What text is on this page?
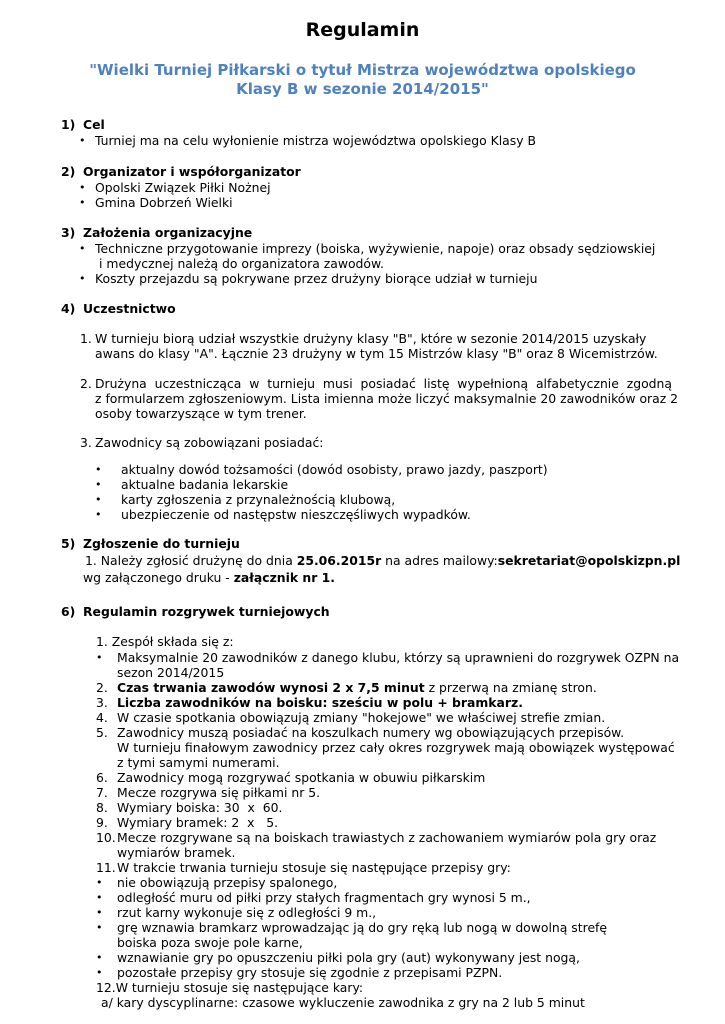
Regulamin
"Wielki Turniej Piłkarski o tytuł Mistrza województwa opolskiego
Klasy B w sezonie 2014/2015"
1) Cel
• Turniej ma na celu wyłonienie mistrza województwa opolskiego Klasy B
2) Organizator i współorganizator
• Opolski Związek Piłki Nożnej
• Gmina Dobrzeń Wielki
3) Założenia organizacyjne
• Techniczne przygotowanie imprezy (boiska, wyżywienie, napoje) oraz obsady sędziowskiej
i medycznej należą do organizatora zawodów.
• Koszty przejazdu są pokrywane przez drużyny biorące udział w turnieju
4) Uczestnictwo
1. W turnieju biorą udział wszystkie drużyny klasy "B", które w sezonie 2014/2015 uzyskały
awans do klasy "A". Łącznie 23 drużyny w tym 15 Mistrzów klasy "B" oraz 8 Wicemistrzów.
2. Drużyna uczestnicząca w turnieju musi posiadać listę wypełnioną alfabetycznie zgodną
z formularzem zgłoszeniowym. Lista imienna może liczyć maksymalnie 20 zawodników oraz 2
osoby towarzyszące w tym trener.
3. Zawodnicy są zobowiązani posiadać:
• aktualny dowód tożsamości (dowód osobisty, prawo jazdy, paszport)
• aktualne badania lekarskie
• karty zgłoszenia z przynależnością klubową,
• ubezpieczenie od następstw nieszczęśliwych wypadków.
5) Zgłoszenie do turnieju
1. Należy zgłosić drużynę do dnia 25.06.2015r na adres mailowy:sekretariat@opolskizpn.pl
wg załączonego druku - załącznik nr 1.
6) Regulamin rozgrywek turniejowych
1. Zespół składa się z:
• Maksymalnie 20 zawodników z danego klubu, którzy są uprawnieni do rozgrywek OZPN na
sezon 2014/2015
2. Czas trwania zawodów wynosi 2 x 7,5 minut z przerwą na zmianę stron.
3. Liczba zawodników na boisku: sześciu w polu + bramkarz.
4. W czasie spotkania obowiązują zmiany "hokejowe" we właściwej strefie zmian.
5. Zawodnicy muszą posiadać na koszulkach numery wg obowiązujących przepisów.
W turnieju finałowym zawodnicy przez cały okres rozgrywek mają obowiązek występować
z tymi samymi numerami.
6. Zawodnicy mogą rozgrywać spotkania w obuwiu piłkarskim
7. Mecze rozgrywa się piłkami nr 5.
8. Wymiary boiska: 30  x  60.
9. Wymiary bramek: 2  x   5.
10. Mecze rozgrywane są na boiskach trawiastych z zachowaniem wymiarów pola gry oraz
wymiarów bramek.
11. W trakcie trwania turnieju stosuje się następujące przepisy gry:
• nie obowiązują przepisy spalonego,
• odległość muru od piłki przy stałych fragmentach gry wynosi 5 m.,
• rzut karny wykonuje się z odległości 9 m.,
• grę wznawia bramkarz wprowadzając ją do gry ręką lub nogą w dowolną strefę
boiska poza swoje pole karne,
• wznawianie gry po opuszczeniu piłki pola gry (aut) wykonywany jest nogą,
• pozostałe przepisy gry stosuje się zgodnie z przepisami PZPN.
12.W turnieju stosuje się następujące kary:
a/ kary dyscyplinarne: czasowe wykluczenie zawodnika z gry na 2 lub 5 minut
